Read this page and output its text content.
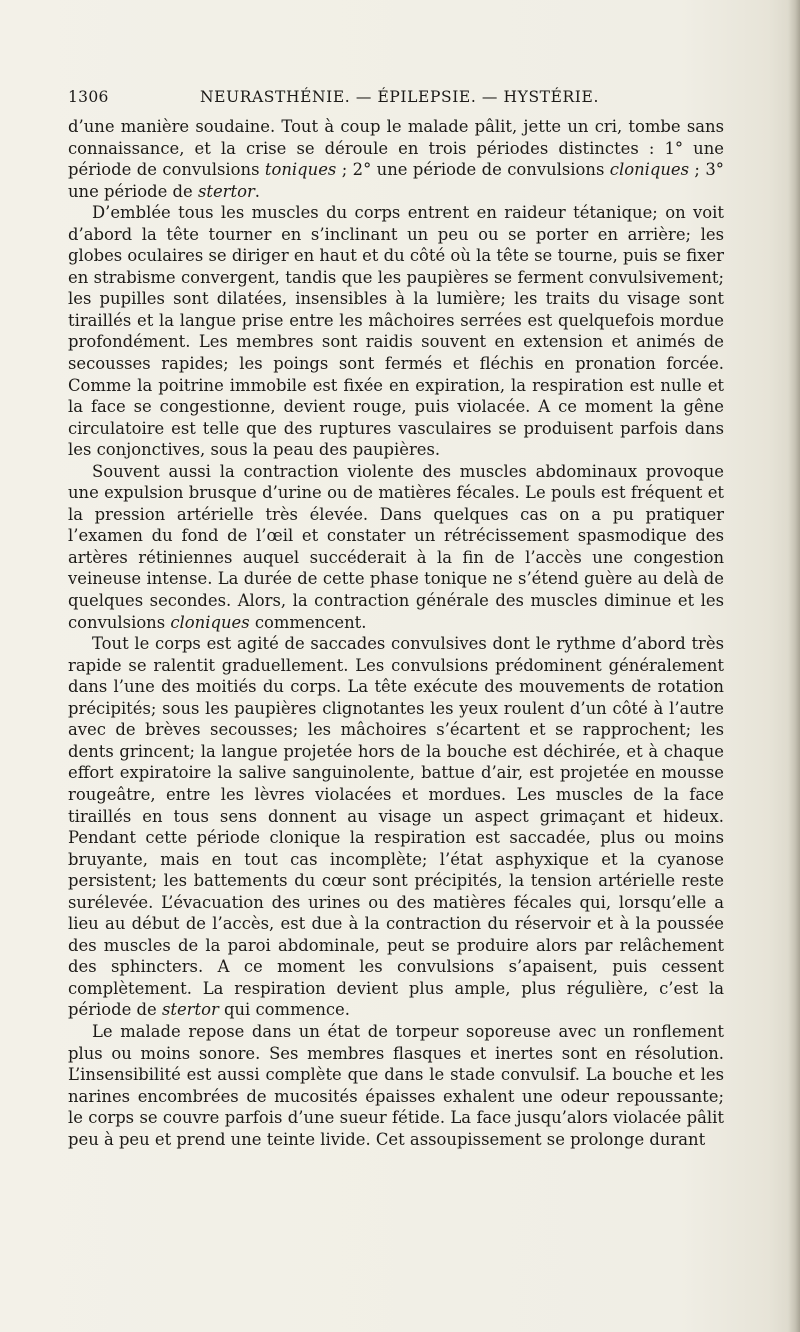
1306	NEURASTHÉNIE. — ÉPILEPSIE. — HYSTÉRIE.

d’une manière soudaine. Tout à coup le malade pâlit, jette un cri, tombe sans connaissance, et la crise se déroule en trois périodes distinctes : 1° une période de convulsions toniques ; 2° une période de convulsions cloniques ; 3° une période de stertor.

D’emblée tous les muscles du corps entrent en raideur tétanique; on voit d’abord la tête tourner en s’inclinant un peu ou se porter en arrière; les globes oculaires se diriger en haut et du côté où la tête se tourne, puis se fixer en strabisme convergent, tandis que les paupières se ferment convulsivement; les pupilles sont dilatées, insensibles à la lumière; les traits du visage sont tiraillés et la langue prise entre les mâchoires serrées est quelquefois mordue profondément. Les membres sont raidis souvent en extension et animés de secousses rapides; les poings sont fermés et fléchis en pronation forcée. Comme la poitrine immobile est fixée en expiration, la respiration est nulle et la face se congestionne, devient rouge, puis violacée. A ce moment la gêne circulatoire est telle que des ruptures vasculaires se produisent parfois dans les conjonctives, sous la peau des paupières.

Souvent aussi la contraction violente des muscles abdominaux provoque une expulsion brusque d’urine ou de matières fécales. Le pouls est fréquent et la pression artérielle très élevée. Dans quelques cas on a pu pratiquer l’examen du fond de l’œil et constater un rétrécissement spasmodique des artères rétiniennes auquel succéderait à la fin de l’accès une congestion veineuse intense. La durée de cette phase tonique ne s’étend guère au delà de quelques secondes. Alors, la contraction générale des muscles diminue et les convulsions cloniques commencent.

Tout le corps est agité de saccades convulsives dont le rythme d’abord très rapide se ralentit graduellement. Les convulsions prédominent généralement dans l’une des moitiés du corps. La tête exécute des mouvements de rotation précipités; sous les paupières clignotantes les yeux roulent d’un côté à l’autre avec de brèves secousses; les mâchoires s’écartent et se rapprochent; les dents grincent; la langue projetée hors de la bouche est déchirée, et à chaque effort expiratoire la salive sanguinolente, battue d’air, est projetée en mousse rougeâtre, entre les lèvres violacées et mordues. Les muscles de la face tiraillés en tous sens donnent au visage un aspect grimaçant et hideux. Pendant cette période clonique la respiration est saccadée, plus ou moins bruyante, mais en tout cas incomplète; l’état asphyxique et la cyanose persistent; les battements du cœur sont précipités, la tension artérielle reste surélevée. L’évacuation des urines ou des matières fécales qui, lorsqu’elle a lieu au début de l’accès, est due à la contraction du réservoir et à la poussée des muscles de la paroi abdominale, peut se produire alors par relâchement des sphincters. A ce moment les convulsions s’apaisent, puis cessent complètement. La respiration devient plus ample, plus régulière, c’est la période de stertor qui commence.

Le malade repose dans un état de torpeur soporeuse avec un ronflement plus ou moins sonore. Ses membres flasques et inertes sont en résolution. L’insensibilité est aussi complète que dans le stade convulsif. La bouche et les narines encombrées de mucosités épaisses exhalent une odeur repoussante; le corps se couvre parfois d’une sueur fétide. La face jusqu’alors violacée pâlit peu à peu et prend une teinte livide. Cet assoupissement se prolonge durant
